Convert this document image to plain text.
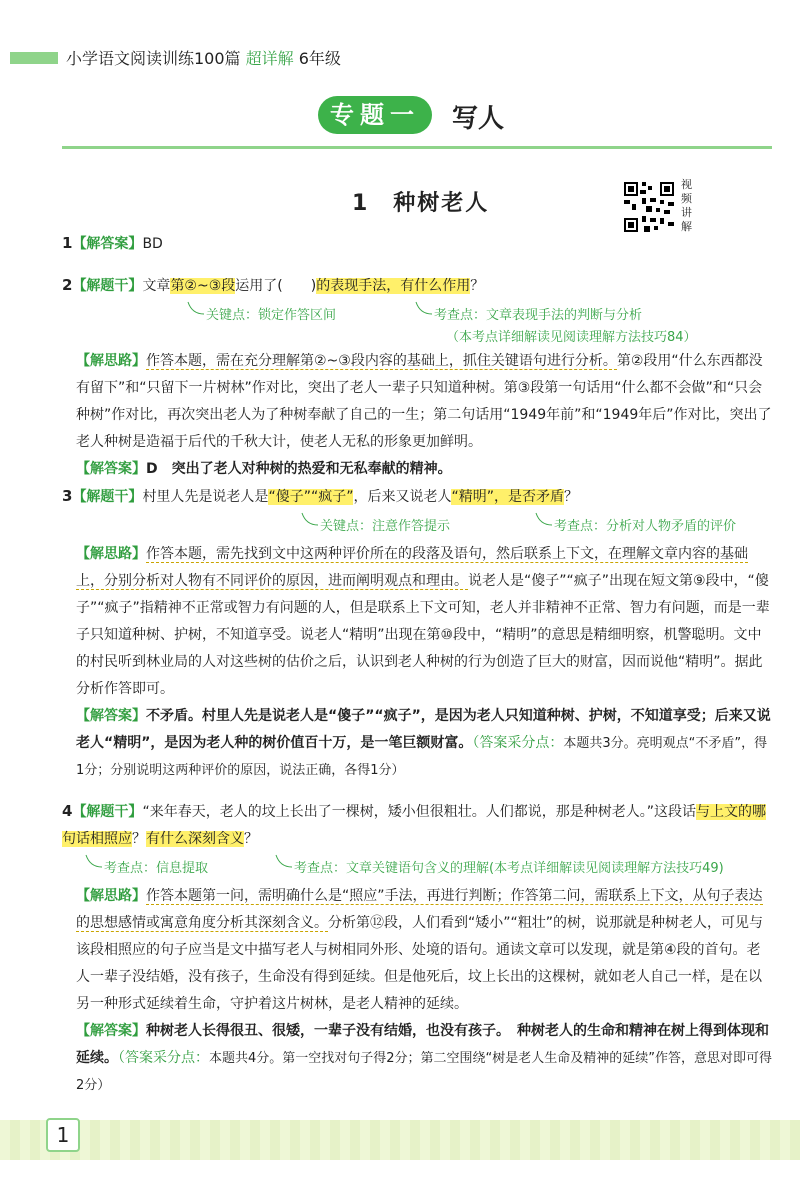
小学语文阅读训练100篇 超详解 6年级
专题一	写人
1　种树老人
视频讲解

1【解答案】BD

2【解题干】文章第②~③段运用了(　　)的表现手法，有什么作用？

关键点：锁定作答区间	考查点：文章表现手法的判断与分析
（本考点详细解读见阅读理解方法技巧84）

【解思路】作答本题，需在充分理解第②~③段内容的基础上，抓住关键语句进行分析。第②段用“什么东西都没有留下”和“只留下一片树林”作对比，突出了老人一辈子只知道种树。第③段第一句话用“什么都不会做”和“只会种树”作对比，再次突出老人为了种树奉献了自己的一生；第二句话用“1949年前”和“1949年后”作对比，突出了老人种树是造福于后代的千秋大计，使老人无私的形象更加鲜明。

【解答案】D　突出了老人对种树的热爱和无私奉献的精神。

3【解题干】村里人先是说老人是“傻子”“疯子”，后来又说老人“精明”，是否矛盾？

关键点：注意作答提示	考查点：分析对人物矛盾的评价

【解思路】作答本题，需先找到文中这两种评价所在的段落及语句，然后联系上下文，在理解文章内容的基础上，分别分析对人物有不同评价的原因，进而阐明观点和理由。说老人是“傻子”“疯子”出现在短文第⑨段中，“傻子”“疯子”指精神不正常或智力有问题的人，但是联系上下文可知，老人并非精神不正常、智力有问题，而是一辈子只知道种树、护树，不知道享受。说老人“精明”出现在第⑩段中，“精明”的意思是精细明察，机警聪明。文中的村民听到林业局的人对这些树的估价之后，认识到老人种树的行为创造了巨大的财富，因而说他“精明”。据此分析作答即可。

【解答案】不矛盾。村里人先是说老人是“傻子”“疯子”，是因为老人只知道种树、护树，不知道享受；后来又说老人“精明”，是因为老人种的树价值百十万，是一笔巨额财富。（答案采分点：本题共3分。亮明观点“不矛盾”，得1分；分别说明这两种评价的原因，说法正确，各得1分）

4【解题干】“来年春天，老人的坟上长出了一棵树，矮小但很粗壮。人们都说，那是种树老人。”这段话与上文的哪句话相照应？有什么深刻含义？

考查点：信息提取	考查点：文章关键语句含义的理解(本考点详细解读见阅读理解方法技巧49)

【解思路】作答本题第一问，需明确什么是“照应”手法，再进行判断；作答第二问，需联系上下文，从句子表达的思想感情或寓意角度分析其深刻含义。分析第⑫段，人们看到“矮小”“粗壮”的树，说那就是种树老人，可见与该段相照应的句子应当是文中描写老人与树相同外形、处境的语句。通读文章可以发现，就是第④段的首句。老人一辈子没结婚，没有孩子，生命没有得到延续。但是他死后，坟上长出的这棵树，就如老人自己一样，是在以另一种形式延续着生命，守护着这片树林，是老人精神的延续。

【解答案】种树老人长得很丑、很矮，一辈子没有结婚，也没有孩子。　种树老人的生命和精神在树上得到体现和延续。（答案采分点：本题共4分。第一空找对句子得2分；第二空围绕“树是老人生命及精神的延续”作答，意思对即可得2分）

1
